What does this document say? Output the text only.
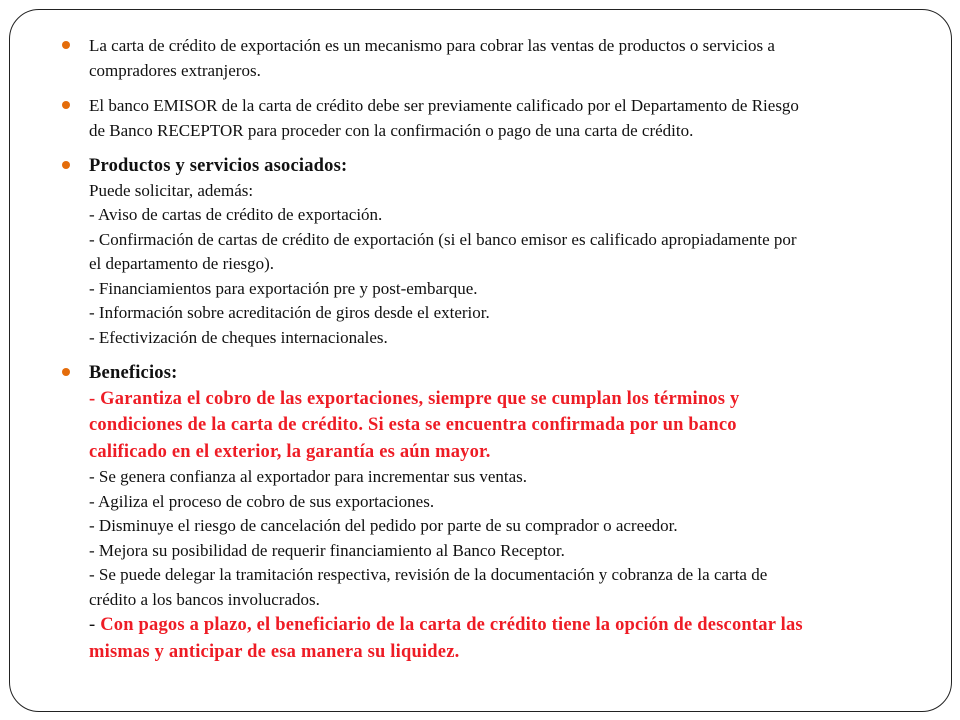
La carta de crédito de exportación es un mecanismo para cobrar las ventas de productos o servicios a
compradores extranjeros.
El banco EMISOR de la carta de crédito debe ser previamente calificado por el Departamento de Riesgo
de Banco RECEPTOR para proceder con la confirmación o pago de una carta de crédito.
Productos y servicios asociados:
Puede solicitar, además:
- Aviso de cartas de crédito de exportación.
- Confirmación de cartas de crédito de exportación (si el banco emisor es calificado apropiadamente por
el departamento de riesgo).
- Financiamientos para exportación pre y post-embarque.
- Información sobre acreditación de giros desde el exterior.
- Efectivización de cheques internacionales.
Beneficios:
- Garantiza el cobro de las exportaciones, siempre que se cumplan los términos y
condiciones de la carta de crédito. Si esta se encuentra confirmada por un banco
calificado en el exterior, la garantía es aún mayor.
- Se genera confianza al exportador para incrementar sus ventas.
- Agiliza el proceso de cobro de sus exportaciones.
- Disminuye el riesgo de cancelación del pedido por parte de su comprador o acreedor.
- Mejora su posibilidad de requerir financiamiento al Banco Receptor.
- Se puede delegar la tramitación respectiva, revisión de la documentación y cobranza de la carta de
crédito a los bancos involucrados.
- Con pagos a plazo, el beneficiario de la carta de crédito tiene la opción de descontar las
mismas y anticipar de esa manera su liquidez.
